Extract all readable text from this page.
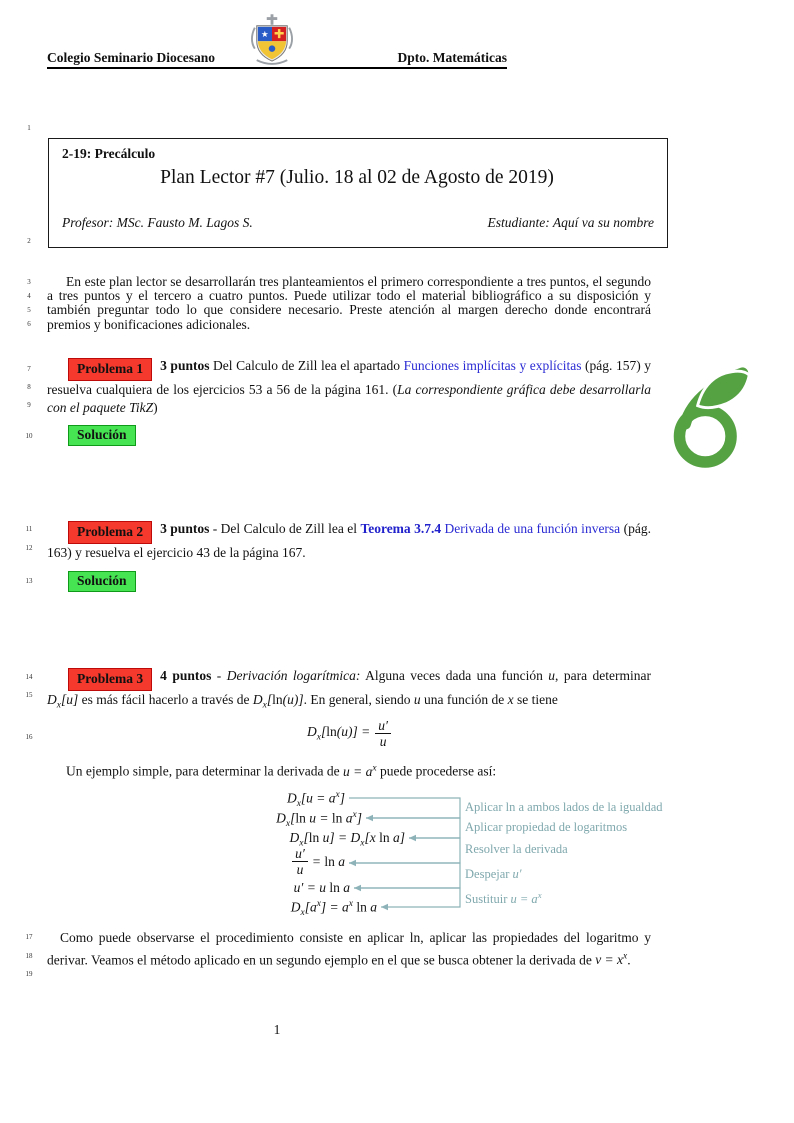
1
2
3
4
5
6
7
8
9
10
11
12
13
14
15
16
17
18
19
Colegio Seminario Diocesano	Dpto. Matemáticas
★
2-19: Precálculo
Plan Lector #7 (Julio. 18 al 02 de Agosto de 2019)
Profesor: MSc. Fausto M. Lagos S.	Estudiante: Aquí va su nombre

En este plan lector se desarrollarán tres planteamientos el primero correspondiente a tres puntos, el segundo a tres puntos y el tercero a cuatro puntos. Puede utilizar todo el material bibliográfico a su disposición y también preguntar todo lo que considere necesario. Preste atención al margen derecho donde encontrará premios y bonificaciones adicionales.

Problema 1 3 puntos Del Calculo de Zill lea el apartado Funciones implícitas y explícitas (pág. 157) y resuelva cualquiera de los ejercicios 53 a 56 de la página 161. (La correspondiente gráfica debe desarrollarla con el paquete TikZ)

Solución

Problema 2 3 puntos - Del Calculo de Zill lea el Teorema 3.7.4 Derivada de una función inversa (pág. 163) y resuelva el ejercicio 43 de la página 167.

Solución

Problema 3 4 puntos - Derivación logarítmica: Alguna veces dada una función u, para determinar $D_x[u]$ es más fácil hacerlo a través de $D_x[\ln(u)]$. En general, siendo u una función de x se tiene

$D_x[\ln(u)] = \frac{u'}{u}$

Un ejemplo simple, para determinar la derivada de $u = a^x$ puede procederse así:

$D_x[u = a^x]$
$D_x[\ln$ $u = \ln a^x$]
$D_x[\ln$ $u] = D_x[x$ ln a]
$\frac{u'}{u} = \ln a$
u′ = u ln a
$D_x[a^x] = a^x$ ln a
Aplicar ln a ambos lados de la igualdad
Aplicar propiedad de logaritmos
Resolver la derivada
Despejar u′
Sustituir $u = a^x$

Como puede observarse el procedimiento consiste en aplicar ln, aplicar las propiedades del logaritmo y derivar. Veamos el método aplicado en un segundo ejemplo en el que se busca obtener la derivada de $v = x^x$.

1
